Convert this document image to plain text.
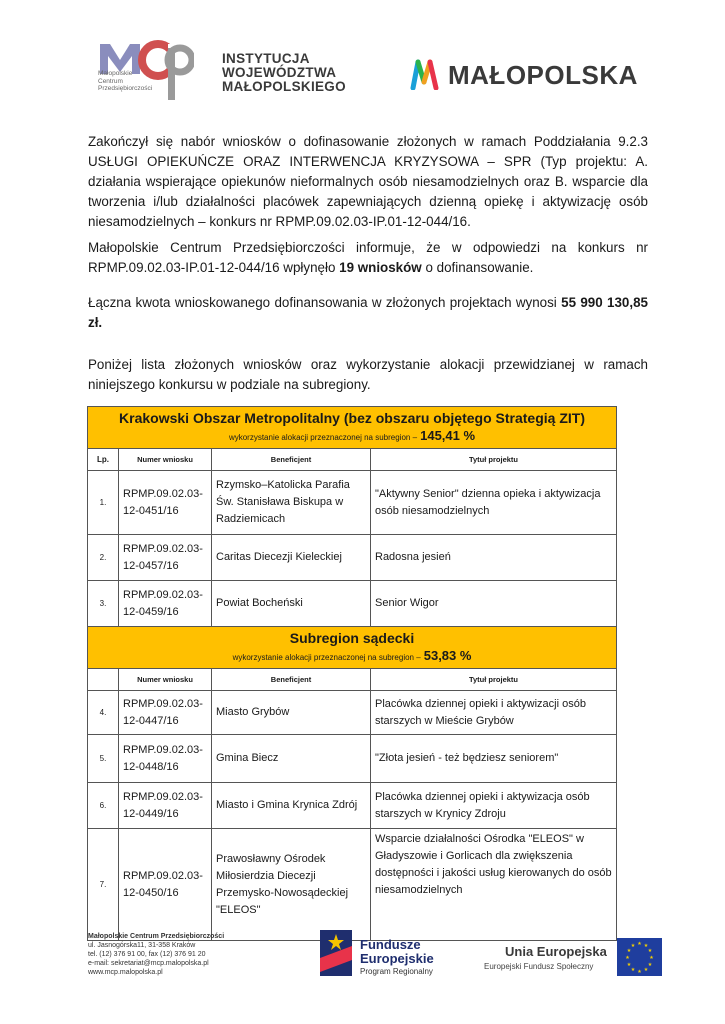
Małopolskie
Centrum
Przedsiębiorczości
INSTYTUCJA
WOJEWÓDZTWA
MAŁOPOLSKIEGO	MAŁOPOLSKA
Zakończył się nabór wniosków o dofinasowanie złożonych w ramach Poddziałania 9.2.3 USŁUGI OPIEKUŃCZE ORAZ INTERWENCJA KRYZYSOWA – SPR (Typ projektu: A. działania wspierające opiekunów nieformalnych osób niesamodzielnych oraz B. wsparcie dla tworzenia i/lub działalności placówek zapewniających dzienną opiekę i aktywizację osób niesamodzielnych – konkurs nr RPMP.09.02.03-IP.01-12-044/16.
Małopolskie Centrum Przedsiębiorczości informuje, że w odpowiedzi na konkurs nr RPMP.09.02.03-IP.01-12-044/16 wpłynęło 19 wniosków o dofinansowanie.
Łączna kwota wnioskowanego dofinansowania w złożonych projektach wynosi 55 990 130,85 zł.
Poniżej lista złożonych wniosków oraz wykorzystanie alokacji przewidzianej w ramach niniejszego konkursu w podziale na subregiony.
Krakowski Obszar Metropolitalny (bez obszaru objętego Strategią ZIT)
wykorzystanie alokacji przeznaczonej na subregion – 145,41 %			
Lp.	Numer wniosku	Beneficjent	Tytuł projektu
1.	RPMP.09.02.03-12-0451/16	Rzymsko–Katolicka Parafia Św. Stanisława Biskupa w Radziemicach	"Aktywny Senior" dzienna opieka i aktywizacja osób niesamodzielnych
2.	RPMP.09.02.03-12-0457/16	Caritas Diecezji Kieleckiej	Radosna jesień
3.	RPMP.09.02.03-12-0459/16	Powiat Bocheński	Senior Wigor

Subregion sądecki
wykorzystanie alokacji przeznaczonej na subregion – 53,83 %			
	Numer wniosku	Beneficjent	Tytuł projektu
4.	RPMP.09.02.03-12-0447/16	Miasto Grybów	Placówka dziennej opieki i aktywizacji osób starszych w Mieście Grybów
5.	RPMP.09.02.03-12-0448/16	Gmina Biecz	"Złota jesień - też będziesz seniorem"
6.	RPMP.09.02.03-12-0449/16	Miasto i Gmina Krynica Zdrój	Placówka dziennej opieki i aktywizacja osób starszych w Krynicy Zdroju
7.	RPMP.09.02.03-12-0450/16	Prawosławny Ośrodek Miłosierdzia Diecezji Przemysko-Nowosądeckiej "ELEOS"	Wsparcie działalności Ośrodka "ELEOS" w Gładyszowie i Gorlicach dla zwiększenia dostępności i jakości usług kierowanych do osób niesamodzielnych
Małopolskie Centrum Przedsiębiorczości
ul. Jasnogórska11, 31-358 Kraków
tel. (12) 376 91 00, fax (12) 376 91 20
e-mail: sekretariat@mcp.malopolska.pl
www.mcp.malopolska.pl
Fundusze
Europejskie
Program Regionalny
Unia Europejska
Europejski Fundusz Społeczny
★ ★
★
★
★
★
★
★
★
★
★
★
